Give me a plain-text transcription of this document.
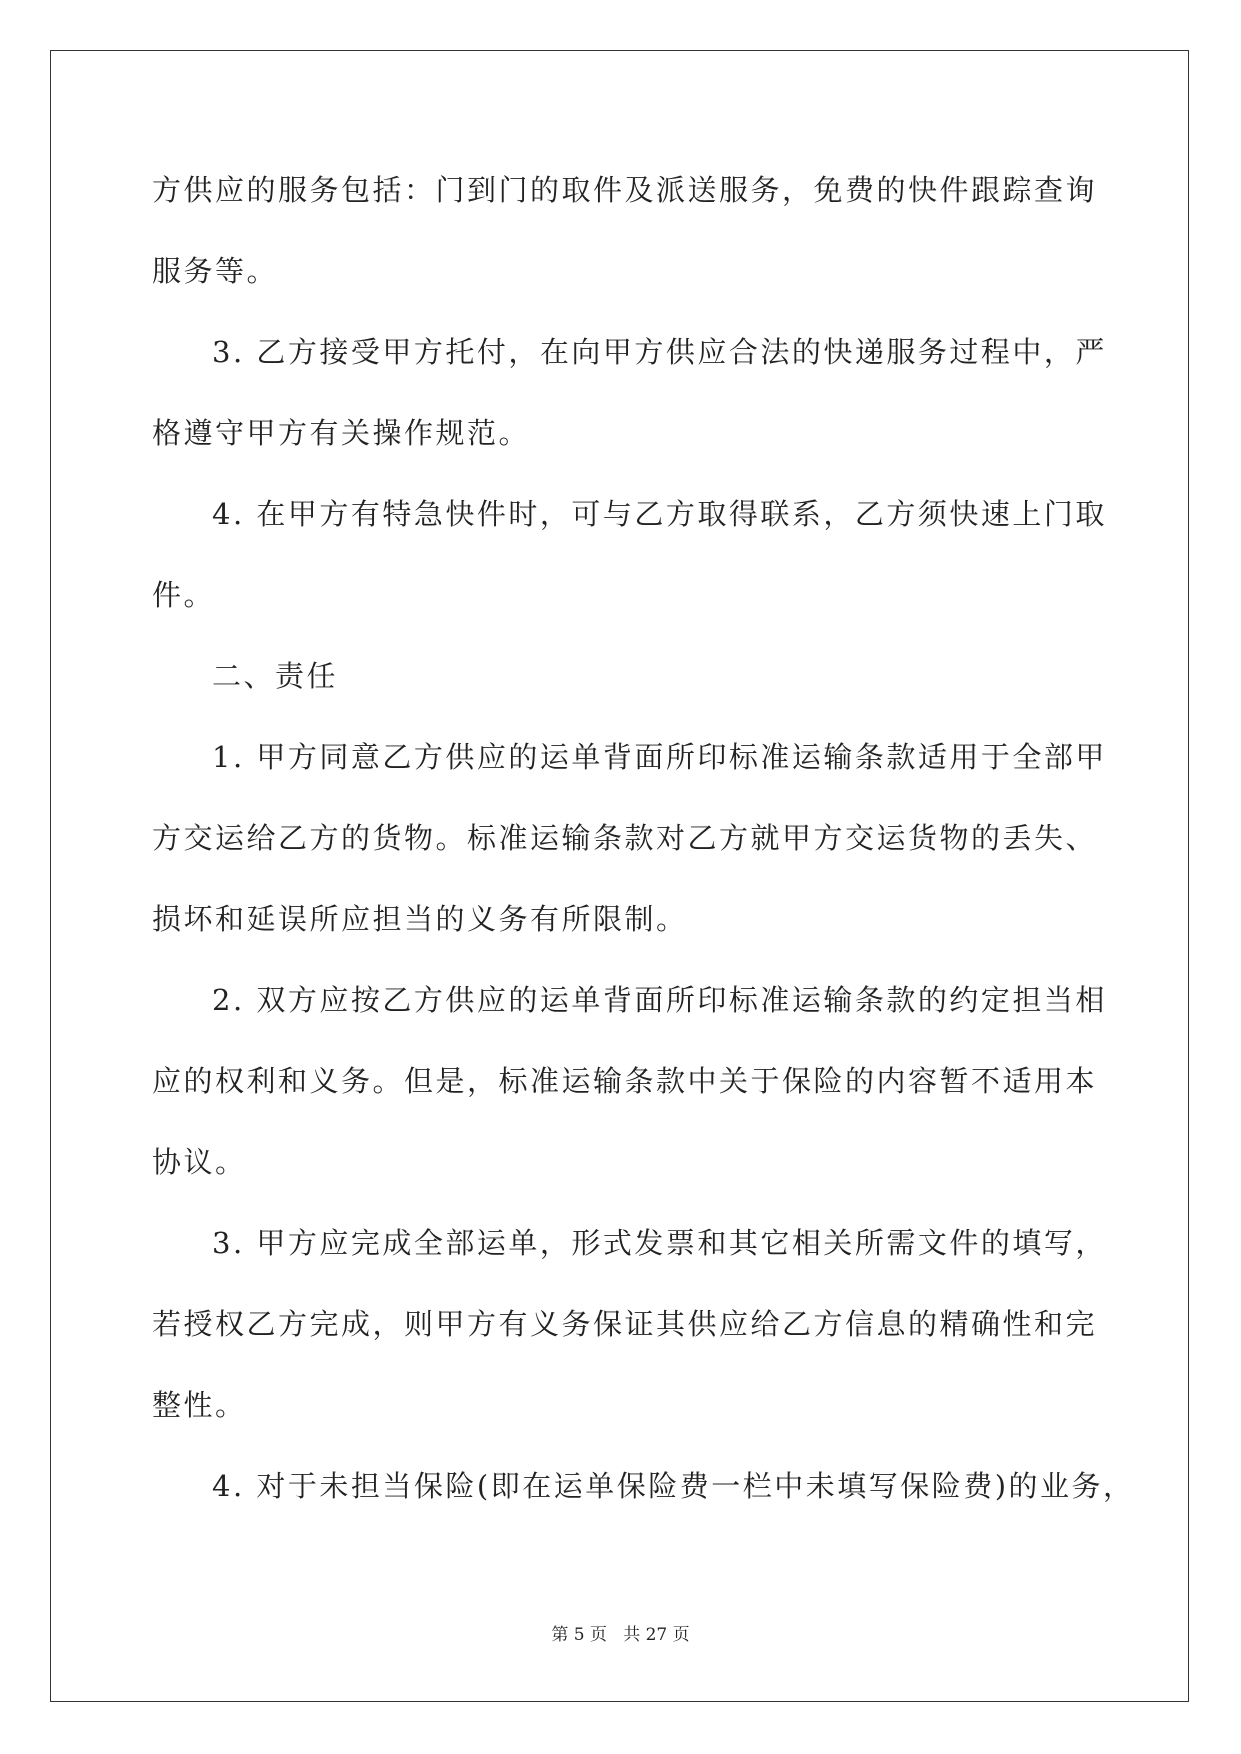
方供应的服务包括：门到门的取件及派送服务，免费的快件跟踪查询

服务等。

3. 乙方接受甲方托付，在向甲方供应合法的快递服务过程中，严

格遵守甲方有关操作规范。

4. 在甲方有特急快件时，可与乙方取得联系，乙方须快速上门取

件。

二、责任

1. 甲方同意乙方供应的运单背面所印标准运输条款适用于全部甲

方交运给乙方的货物。标准运输条款对乙方就甲方交运货物的丢失、

损坏和延误所应担当的义务有所限制。

2. 双方应按乙方供应的运单背面所印标准运输条款的约定担当相

应的权利和义务。但是，标准运输条款中关于保险的内容暂不适用本

协议。

3. 甲方应完成全部运单，形式发票和其它相关所需文件的填写，

若授权乙方完成，则甲方有义务保证其供应给乙方信息的精确性和完

整性。

4. 对于未担当保险(即在运单保险费一栏中未填写保险费)的业务，

第 5 页 共 27 页
